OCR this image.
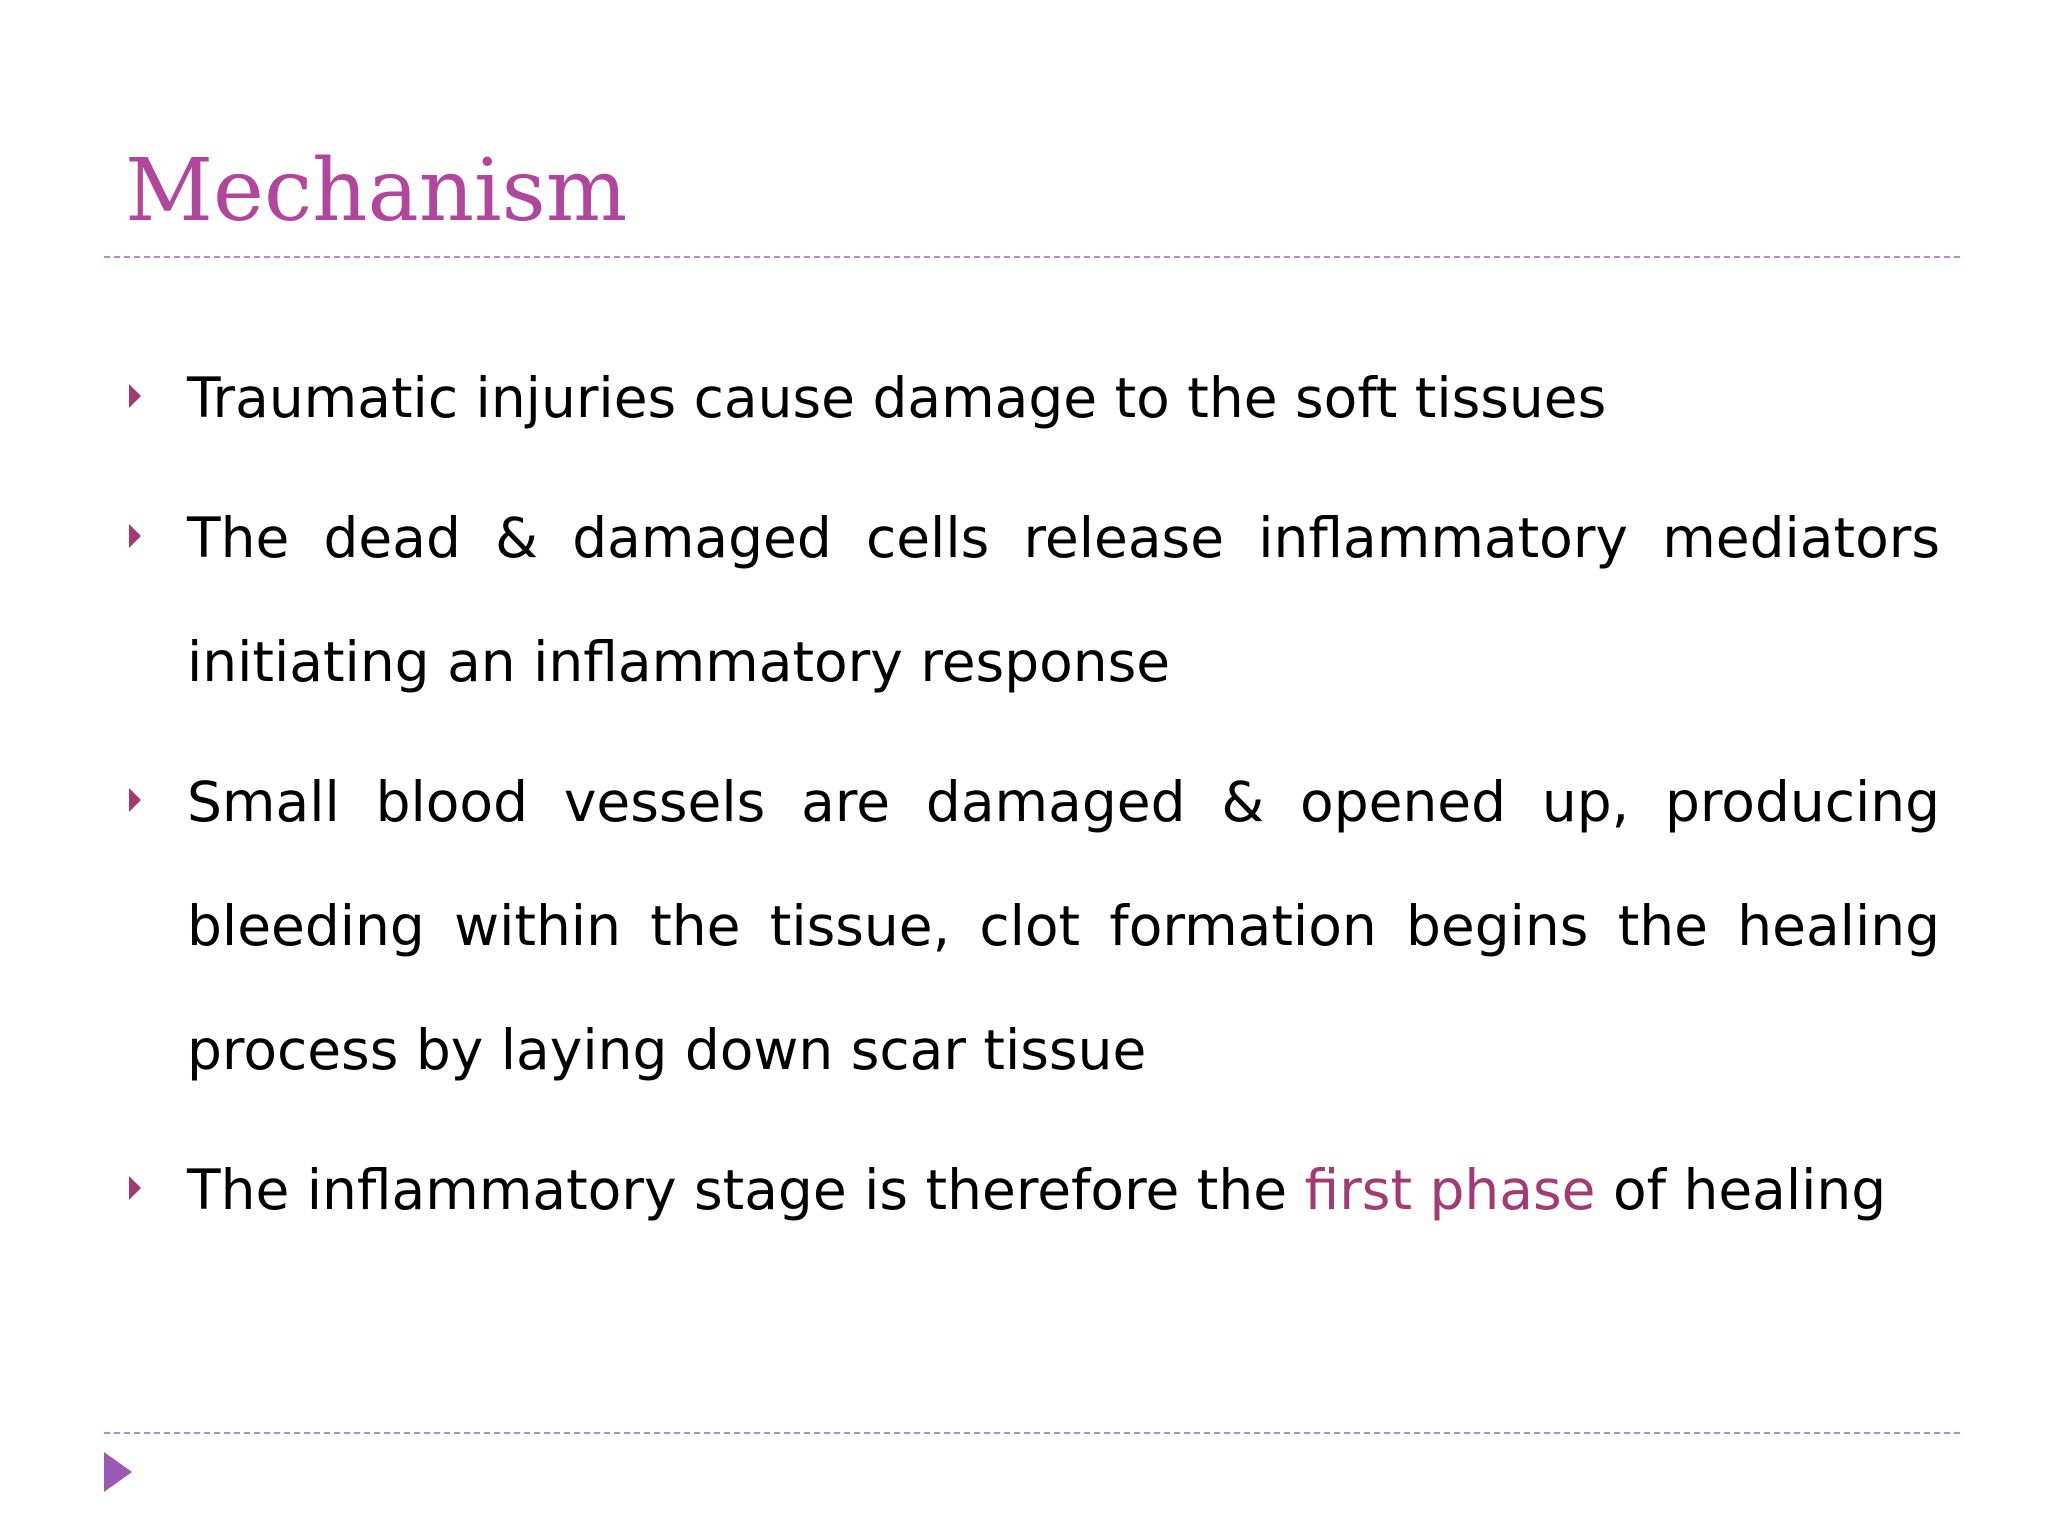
Mechanism
Traumatic injuries cause damage to the soft tissues
The dead & damaged cells release inflammatory mediators initiating an inflammatory response
Small blood vessels are damaged & opened up, producing bleeding within the tissue, clot formation begins the healing process by laying down scar tissue
The inflammatory stage is therefore the first phase of healing
